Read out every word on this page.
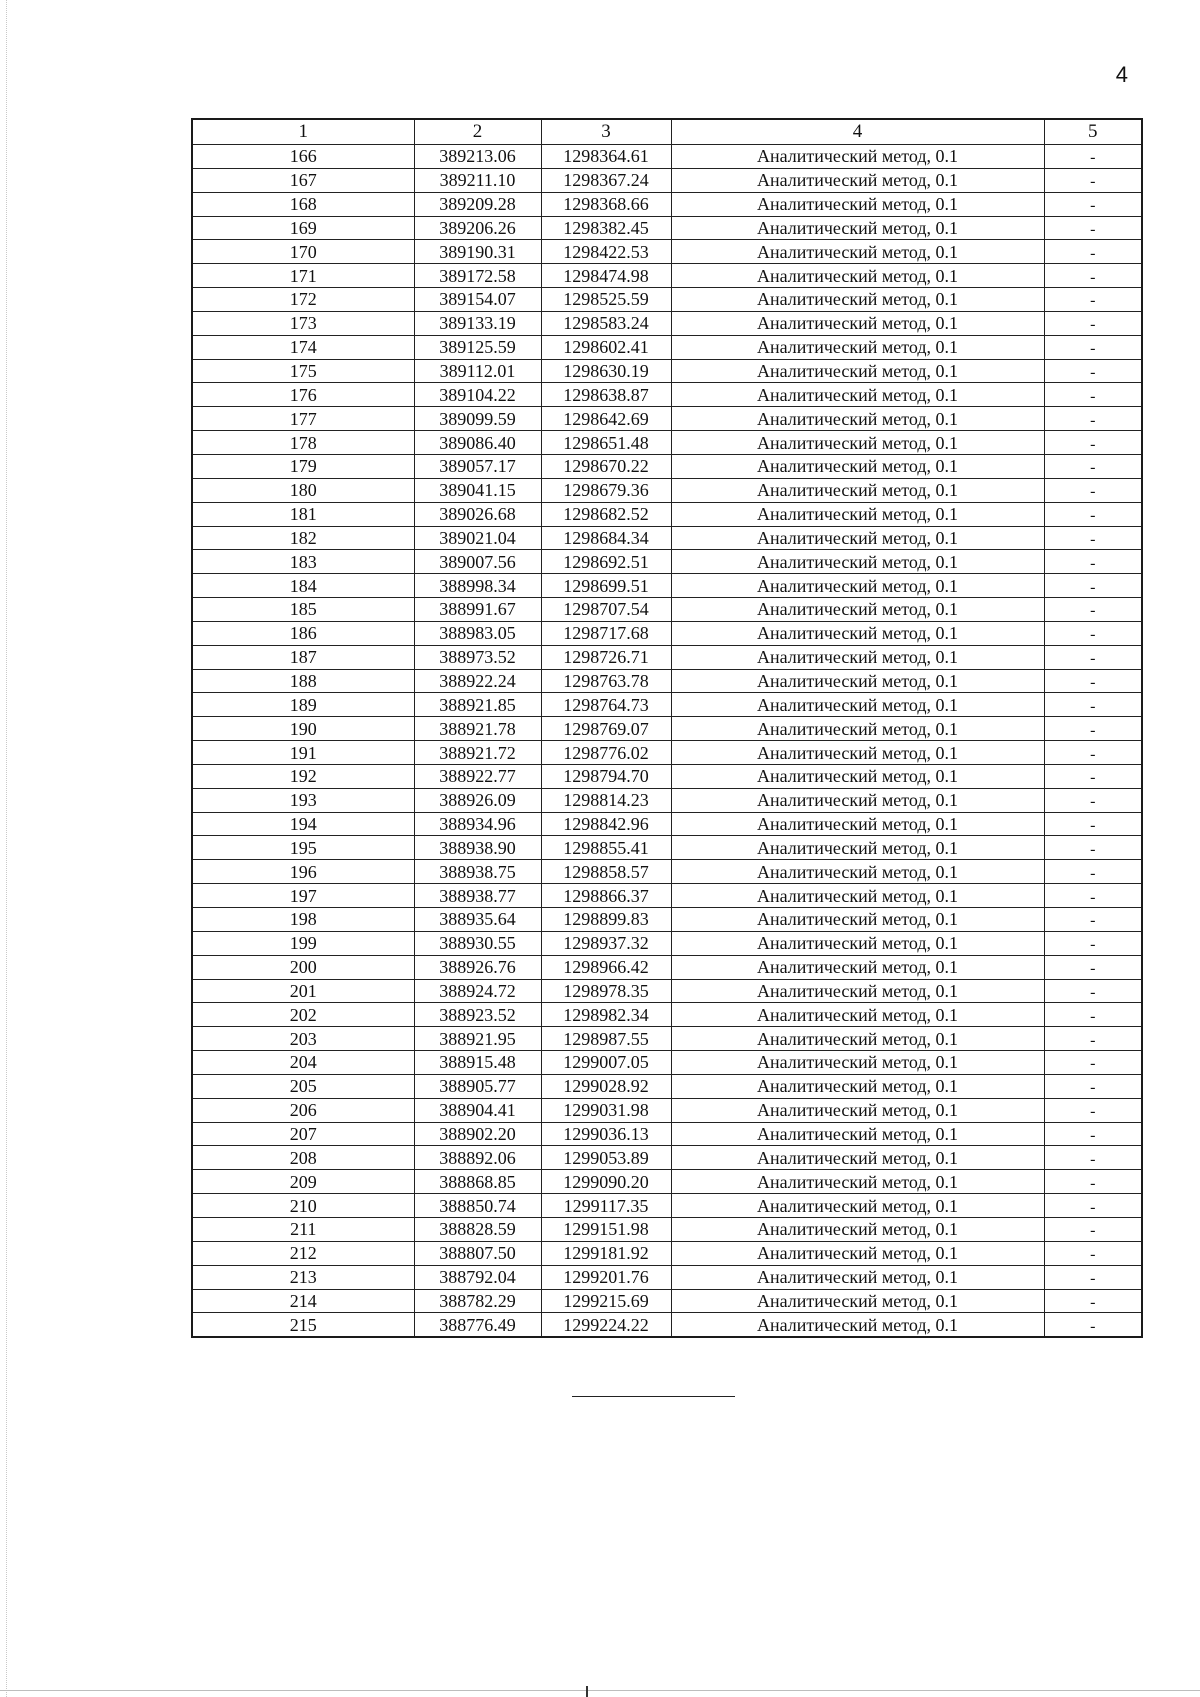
4
1	2	3	4	5
166	389213.06	1298364.61	Аналитический метод, 0.1	-
167	389211.10	1298367.24	Аналитический метод, 0.1	-
168	389209.28	1298368.66	Аналитический метод, 0.1	-
169	389206.26	1298382.45	Аналитический метод, 0.1	-
170	389190.31	1298422.53	Аналитический метод, 0.1	-
171	389172.58	1298474.98	Аналитический метод, 0.1	-
172	389154.07	1298525.59	Аналитический метод, 0.1	-
173	389133.19	1298583.24	Аналитический метод, 0.1	-
174	389125.59	1298602.41	Аналитический метод, 0.1	-
175	389112.01	1298630.19	Аналитический метод, 0.1	-
176	389104.22	1298638.87	Аналитический метод, 0.1	-
177	389099.59	1298642.69	Аналитический метод, 0.1	-
178	389086.40	1298651.48	Аналитический метод, 0.1	-
179	389057.17	1298670.22	Аналитический метод, 0.1	-
180	389041.15	1298679.36	Аналитический метод, 0.1	-
181	389026.68	1298682.52	Аналитический метод, 0.1	-
182	389021.04	1298684.34	Аналитический метод, 0.1	-
183	389007.56	1298692.51	Аналитический метод, 0.1	-
184	388998.34	1298699.51	Аналитический метод, 0.1	-
185	388991.67	1298707.54	Аналитический метод, 0.1	-
186	388983.05	1298717.68	Аналитический метод, 0.1	-
187	388973.52	1298726.71	Аналитический метод, 0.1	-
188	388922.24	1298763.78	Аналитический метод, 0.1	-
189	388921.85	1298764.73	Аналитический метод, 0.1	-
190	388921.78	1298769.07	Аналитический метод, 0.1	-
191	388921.72	1298776.02	Аналитический метод, 0.1	-
192	388922.77	1298794.70	Аналитический метод, 0.1	-
193	388926.09	1298814.23	Аналитический метод, 0.1	-
194	388934.96	1298842.96	Аналитический метод, 0.1	-
195	388938.90	1298855.41	Аналитический метод, 0.1	-
196	388938.75	1298858.57	Аналитический метод, 0.1	-
197	388938.77	1298866.37	Аналитический метод, 0.1	-
198	388935.64	1298899.83	Аналитический метод, 0.1	-
199	388930.55	1298937.32	Аналитический метод, 0.1	-
200	388926.76	1298966.42	Аналитический метод, 0.1	-
201	388924.72	1298978.35	Аналитический метод, 0.1	-
202	388923.52	1298982.34	Аналитический метод, 0.1	-
203	388921.95	1298987.55	Аналитический метод, 0.1	-
204	388915.48	1299007.05	Аналитический метод, 0.1	-
205	388905.77	1299028.92	Аналитический метод, 0.1	-
206	388904.41	1299031.98	Аналитический метод, 0.1	-
207	388902.20	1299036.13	Аналитический метод, 0.1	-
208	388892.06	1299053.89	Аналитический метод, 0.1	-
209	388868.85	1299090.20	Аналитический метод, 0.1	-
210	388850.74	1299117.35	Аналитический метод, 0.1	-
211	388828.59	1299151.98	Аналитический метод, 0.1	-
212	388807.50	1299181.92	Аналитический метод, 0.1	-
213	388792.04	1299201.76	Аналитический метод, 0.1	-
214	388782.29	1299215.69	Аналитический метод, 0.1	-
215	388776.49	1299224.22	Аналитический метод, 0.1	-
